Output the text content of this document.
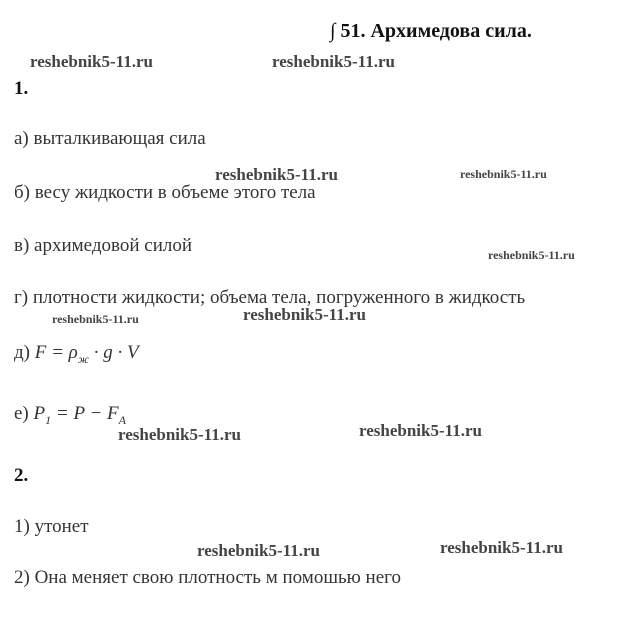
∫ 51. Архимедова сила.
reshebnik5-11.ru	reshebnik5-11.ru
reshebnik5-11.ru	reshebnik5-11.ru
reshebnik5-11.ru
reshebnik5-11.ru	reshebnik5-11.ru
reshebnik5-11.ru	reshebnik5-11.ru
reshebnik5-11.ru	reshebnik5-11.ru
1.
а) выталкивающая сила
б) весу жидкости в объеме этого тела
в) архимедовой силой
г) плотности жидкости; объема тела, погруженного в жидкость
д) $F = \rho_ж \cdot g \cdot V$
е) $P_1 = P - F_A$
2.
1) утонет
2) Она меняет свою плотность м помошью него
